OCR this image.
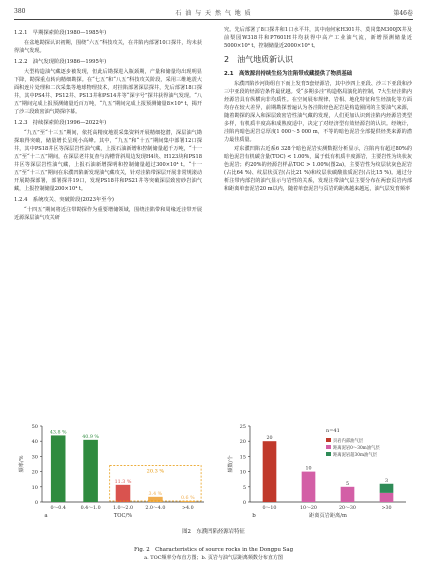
380	石 油 与 天 然 气 地 质	第46卷
1.2.1　早期探索阶段(1980—1985年)

在盆地勘探认识初期，围绕“六五”科技攻关，在井陷内部署10口探井，均未获得油气发现。

1.2.2　油气发现阶段(1986—1995年)

大型构造油气藏逐步被发现，但此后勘探进入瓶颈期，产量和储量均出现明显下降，勘探重点转向精细勘探。在“七五”和“八五”科技攻关阶段，采用三维地震大面积连片处理和二次采集等地球物理技术，对挂陷部署深层探井，先后部署18口探井，其中PS4井、PS12井、PS13井和PS14井等“深字号”探井获得油气发现。“八五”期间完成上报预测储量近百万吨，“九五”期间完成上报预测储量8×10⁴ t，揭开了沙三段致密油气勘探序幕。

1.2.3　持续探索阶段(1996—2022年)

“九五”至“十三五”期间，依托高精度地震采集资料开展精细挖潜，深层油气勘探取得突破，储量增长呈现小高峰。其中，“九五”和“十五”期间集中部署12口探井，其中PS18井区等深层岩性油气藏，上报石油新增和控制储量超千万吨，“十一五”至“十二五”期间，在深层老井复查与沟槽背斜周边发现H4块、H123块和PS18井区等深层岩性油气藏，上报石油新增探明和控制储量超过300×10⁴ t。“十一五”至“十三五”期间在东濮凹陷新发现油气藏攻关，针对洼陷带深层开展非常规滚动开展勘探部署，部署探井19口，发现PS18井和PS21井等突破深层致密砂岩油气藏，上报控制储量200×10⁴ t。

1.2.4　系统攻关、突破阶段(2023年至今)

“十四五”期间将近注带勘探作为重要增储领域，围绕洼陷带和周缘近洼带开展近源深层油气攻关研

究。先后部署了8口探井和1口水平井，其中南何家H301井、莫岗集M300JX井及前梨园W318井和P7601H井均获得中高产工业油气流，新增预测储量近5000×10⁴ t，控制储量近2000×10⁴ t。

2　油气地质新认识
2.1　高效源岩持续生烃为注陷带成藏提供了物质基础

东濮凹陷沙河街组自下而上发育5套烃源岩，其中沙四上亚段、沙三下亚段和沙三中亚段的烃源岩条件最优越。受“多期多洼”构造格局演化的控制，7大生烃洼陷内烃源岩具有纵横向非均质性。在空间展布规律、岩相、地化特征和生烃演化等方面均存在较大差异，前期勘探普遍认为各洼陷烃色泥岩是构造圈闭的主要油气来源，随着勘探的深入和深层致密岩性油气藏的发现，人们更加认识到洼陷内烃源岩类型多样，有机质丰度高和成熟度适中，决定了对经济型有效烃源岩的认识。经统计，洼陷内暗色泥岩总厚度1 000～5 000 m，不等的暗色泥岩全部提供烃类来源的潜力最佳质量。

对东濮凹陷古近系6 328个暗色泥岩实测数据分析显示，注陷内有超过80%的暗色泥岩有机碳含量(TOC) < 1.00%，属于低有机质丰度源岩，主要岩性为块状灰色泥岩；约20%的烃源岩样品TOC > 1.00%(图2a)，主要岩性为纹层状灰色泥岩(占比64 %)、纹层状页岩(占比21 %)和纹层状碳酸盐质泥岩(占比15 %)。通过分析注带内部岩的油气显示与岩性的关系，发现注带油气层主要分布在两套页岩内部和距离单套泥岩20 m以内，随着单套泥岩与页岩的距离越来越远，油气层发育频率

0
10
20
30
40
50
频率/%
43.8 %
0～0.4
40.9 %
0.4～1.0
11.3 %
1.0～2.0
3.4 %
2.0～4.0
0.6 %
>4.0
20.3 %
TOC/%
a
0
5
10
15
20
25
频数/个
20
0～10
10
10～20
5
20～30
3
>30
n=41
页岩内部油气层
距离泥岩0～30m油气层
距离泥岩超30m油气层
距离页岩距离/m
b
图2　东濮凹陷烃源岩特征
Fig. 2　Characteristics of source rocks in the Dongpu Sag
a. TOC频率分布直方图；b. 页岩与油气层距离频数分布直方图
